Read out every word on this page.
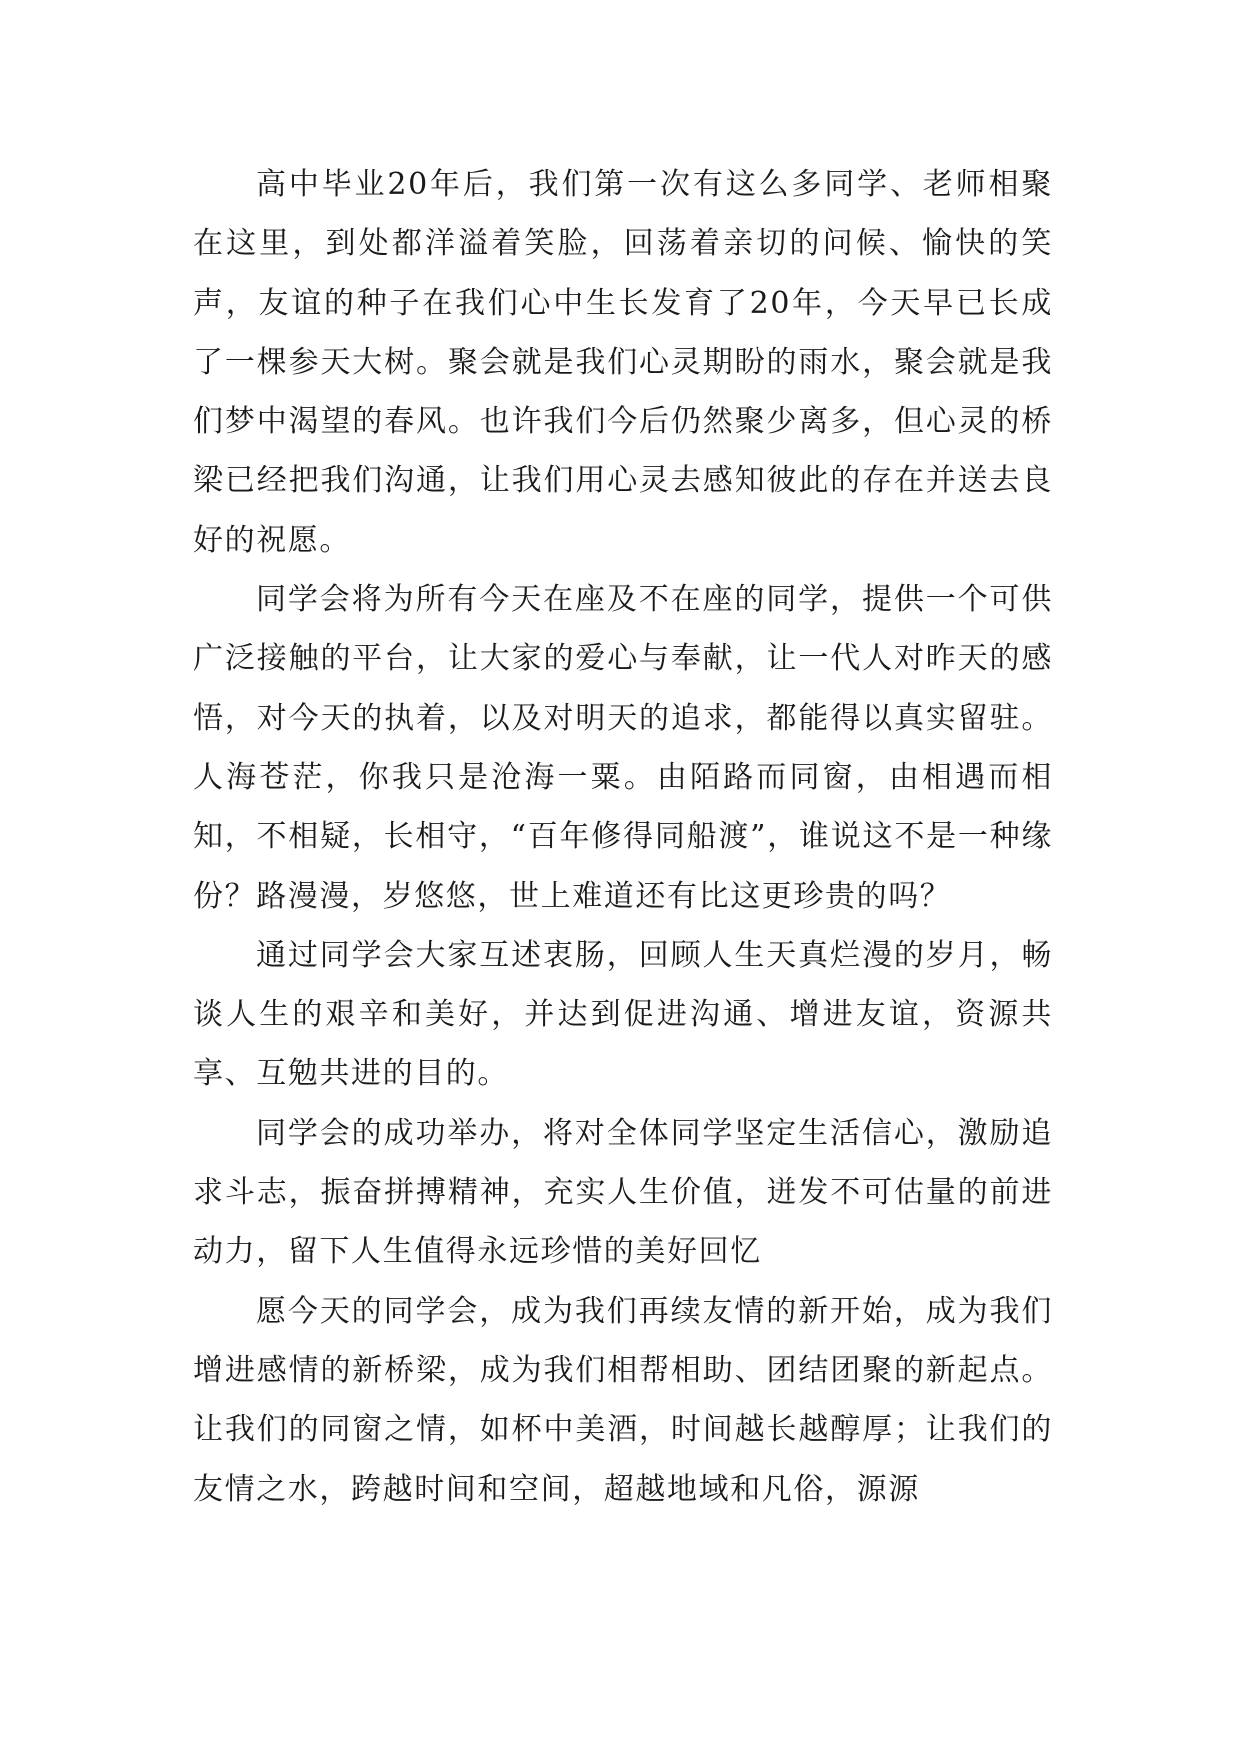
高中毕业20年后，我们第一次有这么多同学、老师相聚在这里，到处都洋溢着笑脸，回荡着亲切的问候、愉快的笑声，友谊的种子在我们心中生长发育了20年，今天早已长成了一棵参天大树。聚会就是我们心灵期盼的雨水，聚会就是我们梦中渴望的春风。也许我们今后仍然聚少离多，但心灵的桥梁已经把我们沟通，让我们用心灵去感知彼此的存在并送去良好的祝愿。

同学会将为所有今天在座及不在座的同学，提供一个可供广泛接触的平台，让大家的爱心与奉献，让一代人对昨天的感悟，对今天的执着，以及对明天的追求，都能得以真实留驻。人海苍茫，你我只是沧海一粟。由陌路而同窗，由相遇而相知，不相疑，长相守，“百年修得同船渡”，谁说这不是一种缘份？路漫漫，岁悠悠，世上难道还有比这更珍贵的吗？

通过同学会大家互述衷肠，回顾人生天真烂漫的岁月，畅谈人生的艰辛和美好，并达到促进沟通、增进友谊，资源共享、互勉共进的目的。

同学会的成功举办，将对全体同学坚定生活信心，激励追求斗志，振奋拼搏精神，充实人生价值，迸发不可估量的前进动力，留下人生值得永远珍惜的美好回忆

愿今天的同学会，成为我们再续友情的新开始，成为我们增进感情的新桥梁，成为我们相帮相助、团结团聚的新起点。让我们的同窗之情，如杯中美酒，时间越长越醇厚；让我们的友情之水，跨越时间和空间，超越地域和凡俗，源源
